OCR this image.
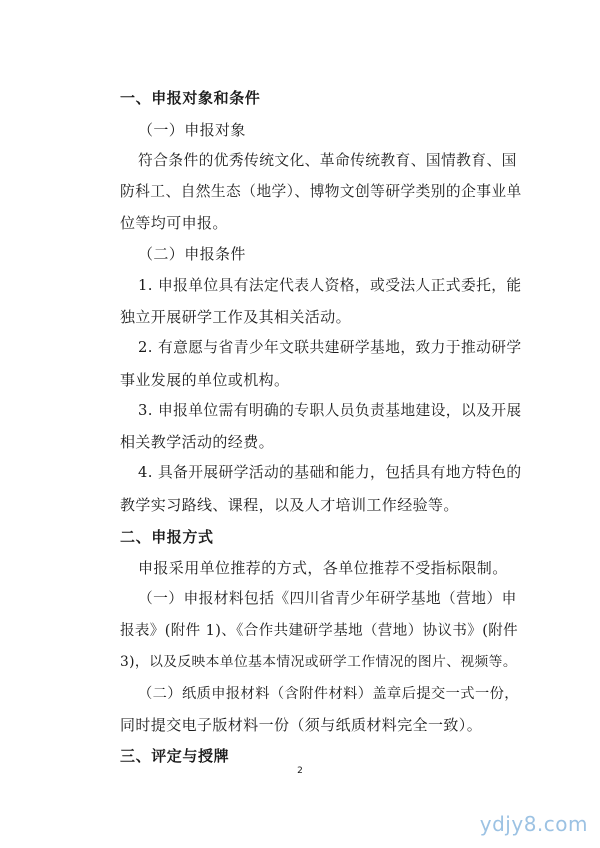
一、申报对象和条件
（一）申报对象
符合条件的优秀传统文化、革命传统教育、国情教育、国
防科工、自然生态（地学）、博物文创等研学类别的企事业单
位等均可申报。
（二）申报条件
1. 申报单位具有法定代表人资格，或受法人正式委托，能
独立开展研学工作及其相关活动。
2. 有意愿与省青少年文联共建研学基地，致力于推动研学
事业发展的单位或机构。
3. 申报单位需有明确的专职人员负责基地建设，以及开展
相关教学活动的经费。
4. 具备开展研学活动的基础和能力，包括具有地方特色的
教学实习路线、课程，以及人才培训工作经验等。
二、申报方式
申报采用单位推荐的方式，各单位推荐不受指标限制。
（一）申报材料包括《四川省青少年研学基地（营地）申
报表》(附件 1)、《合作共建研学基地（营地）协议书》(附件
3)，以及反映本单位基本情况或研学工作情况的图片、视频等。
（二）纸质申报材料（含附件材料）盖章后提交一式一份，
同时提交电子版材料一份（须与纸质材料完全一致）。
三、评定与授牌
2
ydjy8.com
